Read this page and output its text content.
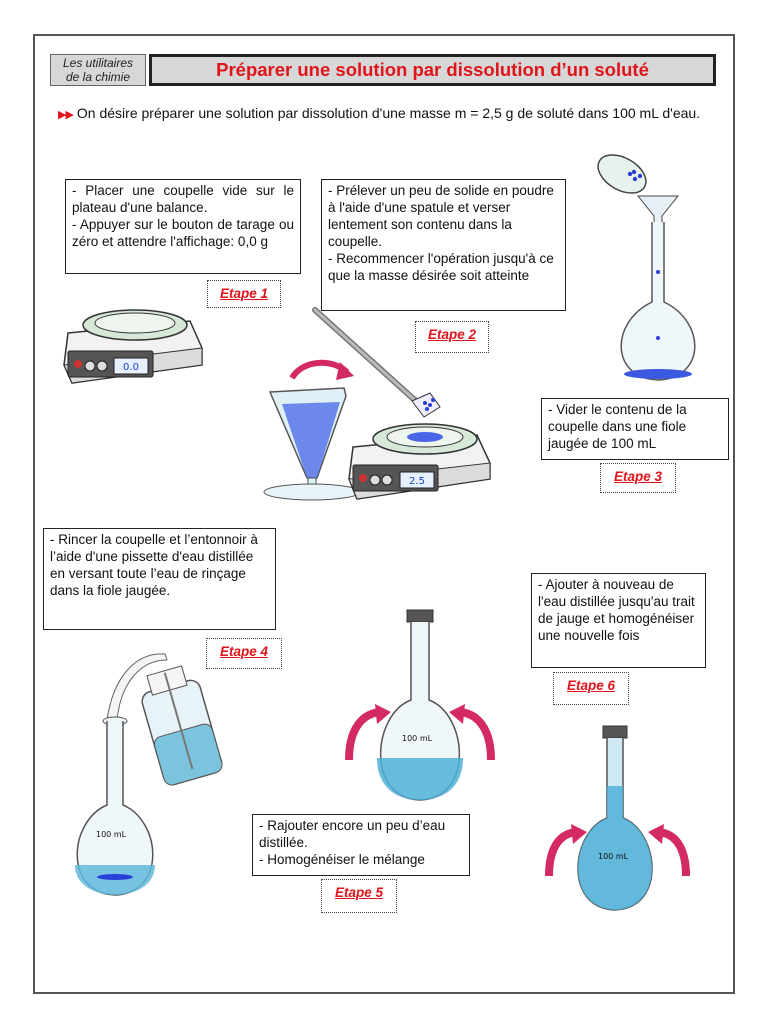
Les utilitaires
de la chimie	Préparer une solution par dissolution d’un soluté
▶▶ On désire préparer une solution par dissolution d'une masse m = 2,5 g de soluté dans 100 mL d'eau.
- Placer une coupelle vide sur le plateau d'une balance.
- Appuyer sur le bouton de tarage ou zéro et attendre l'affichage: 0,0 g
Etape 1
- Prélever un peu de solide en poudre à l'aide d'une spatule et verser lentement son contenu dans la coupelle.
- Recommencer l'opération jusqu'à ce que la masse désirée soit atteinte
Etape 2
- Vider le contenu de la coupelle dans une fiole jaugée de 100 mL
Etape 3
- Rincer la coupelle et l’entonnoir à l’aide d'une pissette d'eau distillée en versant toute l’eau de rinçage dans la fiole jaugée.
Etape 4
- Rajouter encore un peu d’eau distillée.
- Homogénéiser le mélange
Etape 5
- Ajouter à nouveau de l'eau distillée jusqu'au trait de jauge et homogénéiser une nouvelle fois
Etape 6
0.0
2.5
100 mL
100 mL
100 mL
